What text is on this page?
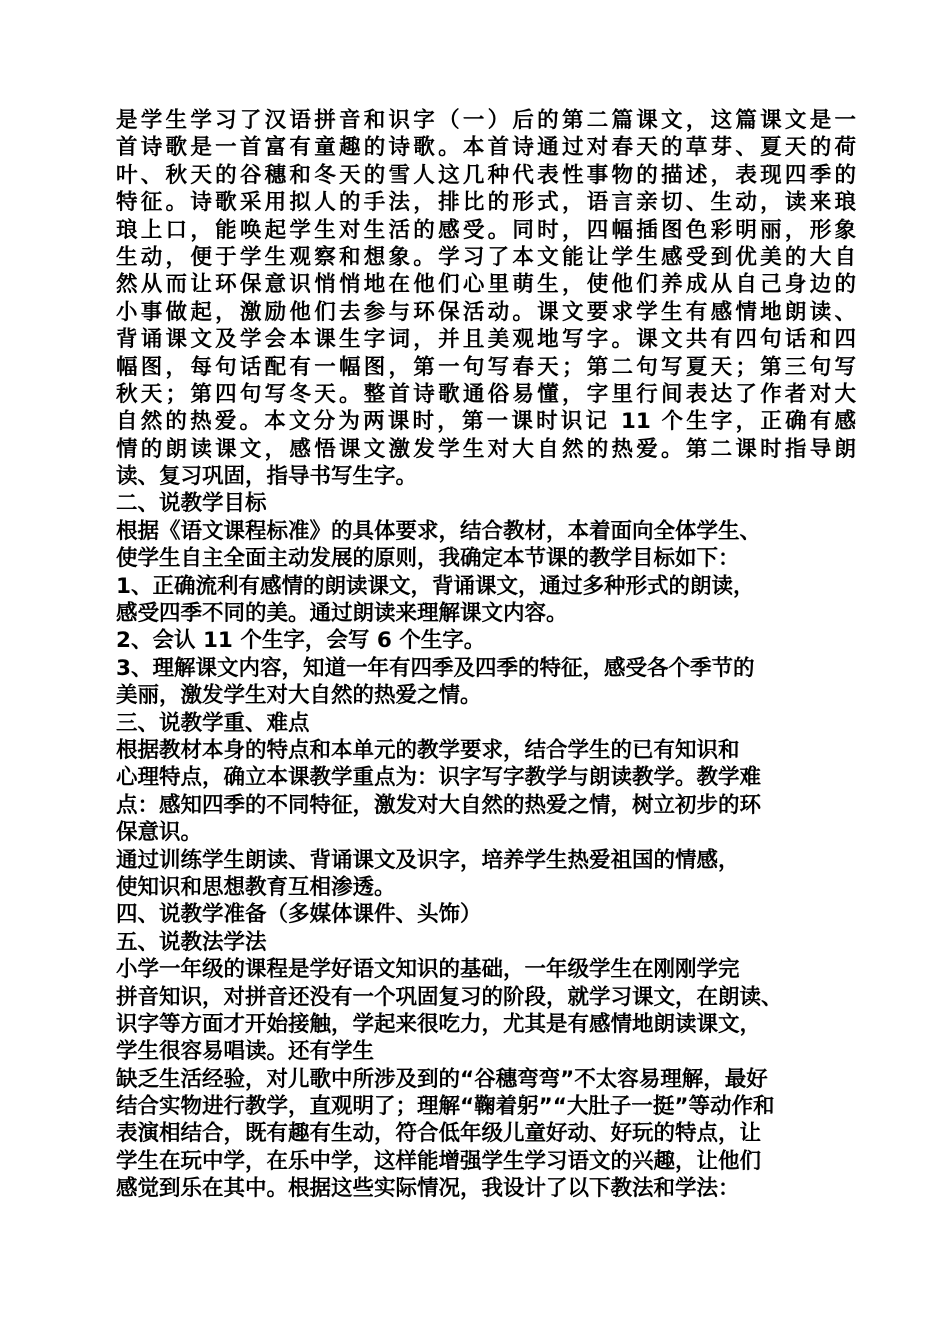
是学生学习了汉语拼音和识字（一）后的第二篇课文，这篇课文是一
首诗歌是一首富有童趣的诗歌。本首诗通过对春天的草芽、夏天的荷
叶、秋天的谷穗和冬天的雪人这几种代表性事物的描述，表现四季的
特征。诗歌采用拟人的手法，排比的形式，语言亲切、生动，读来琅
琅上口，能唤起学生对生活的感受。同时，四幅插图色彩明丽，形象
生动，便于学生观察和想象。学习了本文能让学生感受到优美的大自
然从而让环保意识悄悄地在他们心里萌生，使他们养成从自己身边的
小事做起，激励他们去参与环保活动。课文要求学生有感情地朗读、
背诵课文及学会本课生字词，并且美观地写字。课文共有四句话和四
幅图，每句话配有一幅图，第一句写春天；第二句写夏天；第三句写
秋天；第四句写冬天。整首诗歌通俗易懂，字里行间表达了作者对大
自然的热爱。本文分为两课时，第一课时识记 11 个生字，正确有感
情的朗读课文，感悟课文激发学生对大自然的热爱。第二课时指导朗
读、复习巩固，指导书写生字。
二、说教学目标
根据《语文课程标准》的具体要求，结合教材，本着面向全体学生、
使学生自主全面主动发展的原则，我确定本节课的教学目标如下：
1、正确流利有感情的朗读课文，背诵课文，通过多种形式的朗读，
感受四季不同的美。通过朗读来理解课文内容。
2、会认 11 个生字，会写 6 个生字。
3、理解课文内容，知道一年有四季及四季的特征，感受各个季节的
美丽，激发学生对大自然的热爱之情。
三、说教学重、难点
根据教材本身的特点和本单元的教学要求，结合学生的已有知识和
心理特点，确立本课教学重点为：识字写字教学与朗读教学。教学难
点：感知四季的不同特征，激发对大自然的热爱之情，树立初步的环
保意识。
通过训练学生朗读、背诵课文及识字，培养学生热爱祖国的情感，
使知识和思想教育互相渗透。
四、说教学准备（多媒体课件、头饰）
五、说教法学法
小学一年级的课程是学好语文知识的基础，一年级学生在刚刚学完
拼音知识，对拼音还没有一个巩固复习的阶段，就学习课文，在朗读、
识字等方面才开始接触，学起来很吃力，尤其是有感情地朗读课文，
学生很容易唱读。还有学生
缺乏生活经验，对儿歌中所涉及到的“谷穗弯弯”不太容易理解，最好
结合实物进行教学，直观明了；理解“鞠着躬”“大肚子一挺”等动作和
表演相结合，既有趣有生动，符合低年级儿童好动、好玩的特点，让
学生在玩中学，在乐中学，这样能增强学生学习语文的兴趣，让他们
感觉到乐在其中。根据这些实际情况，我设计了以下教法和学法：
